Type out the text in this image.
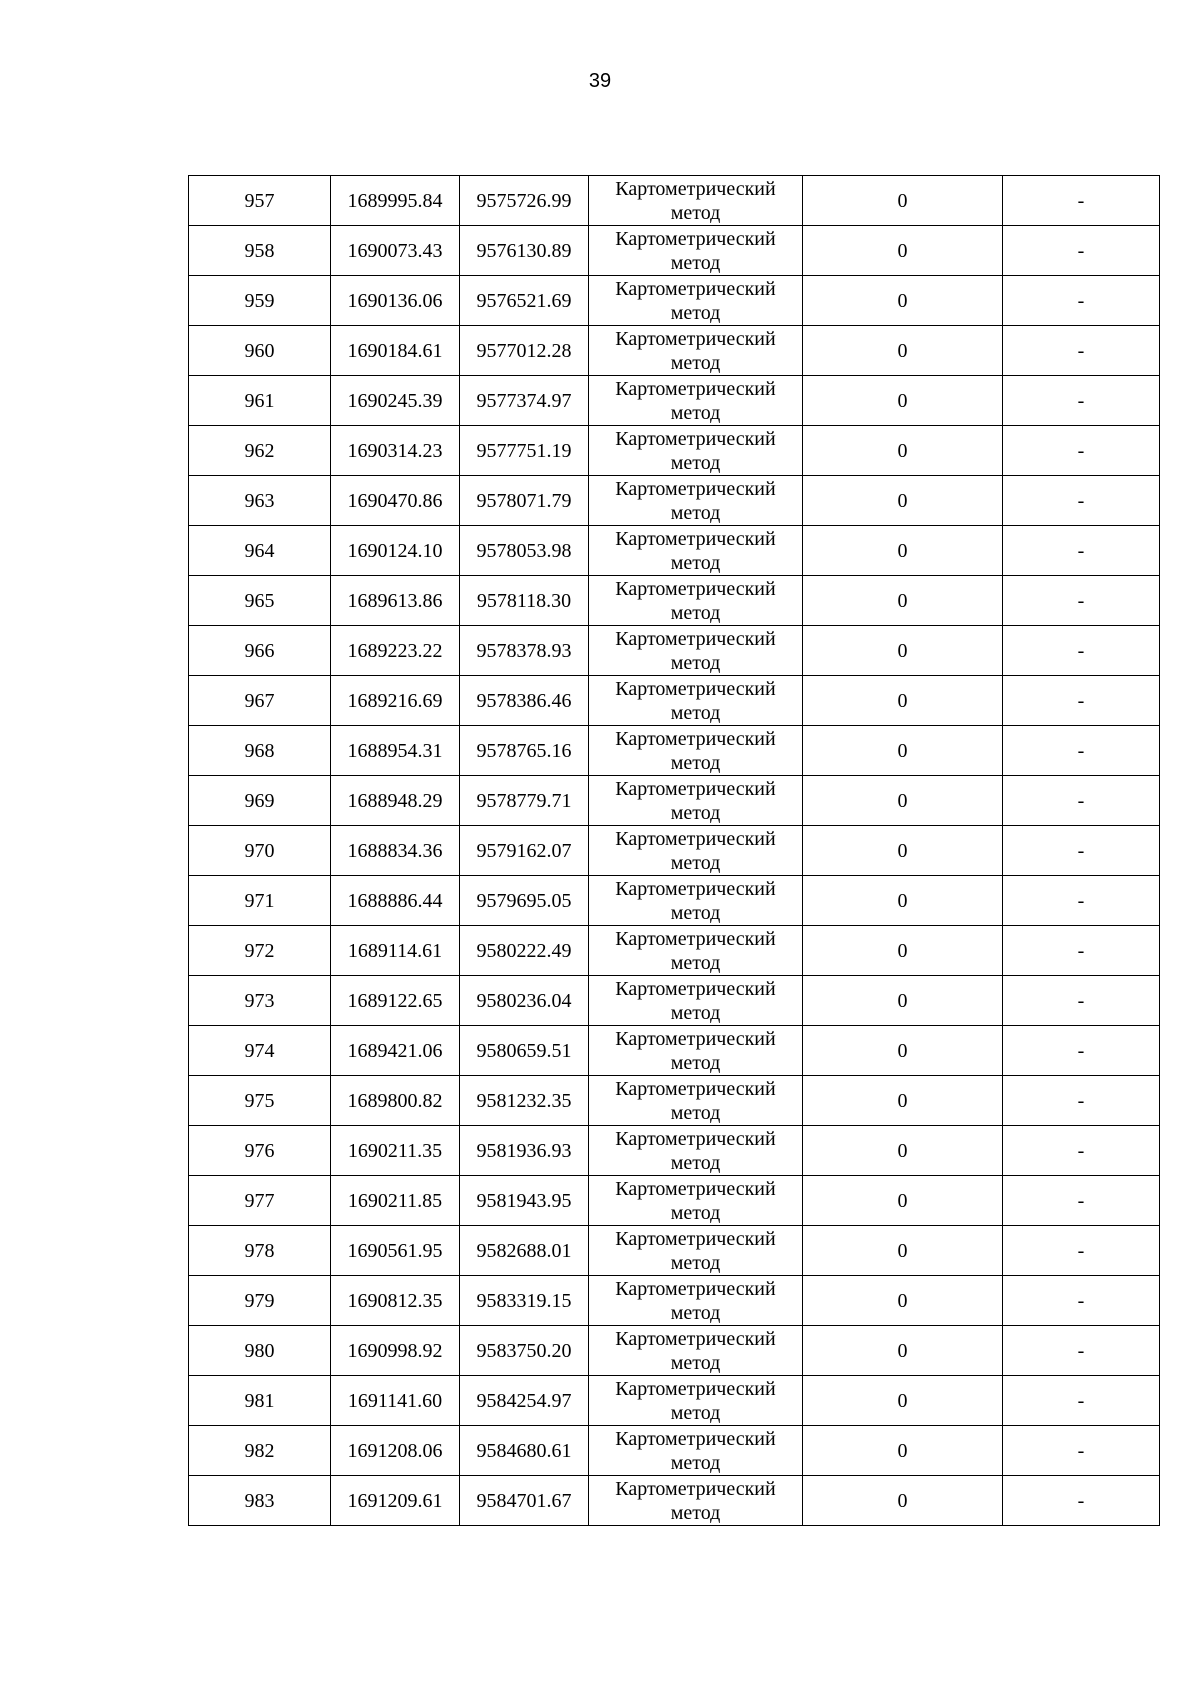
39
957	1689995.84	9575726.99	Картометрический метод	0	-
958	1690073.43	9576130.89	Картометрический метод	0	-
959	1690136.06	9576521.69	Картометрический метод	0	-
960	1690184.61	9577012.28	Картометрический метод	0	-
961	1690245.39	9577374.97	Картометрический метод	0	-
962	1690314.23	9577751.19	Картометрический метод	0	-
963	1690470.86	9578071.79	Картометрический метод	0	-
964	1690124.10	9578053.98	Картометрический метод	0	-
965	1689613.86	9578118.30	Картометрический метод	0	-
966	1689223.22	9578378.93	Картометрический метод	0	-
967	1689216.69	9578386.46	Картометрический метод	0	-
968	1688954.31	9578765.16	Картометрический метод	0	-
969	1688948.29	9578779.71	Картометрический метод	0	-
970	1688834.36	9579162.07	Картометрический метод	0	-
971	1688886.44	9579695.05	Картометрический метод	0	-
972	1689114.61	9580222.49	Картометрический метод	0	-
973	1689122.65	9580236.04	Картометрический метод	0	-
974	1689421.06	9580659.51	Картометрический метод	0	-
975	1689800.82	9581232.35	Картометрический метод	0	-
976	1690211.35	9581936.93	Картометрический метод	0	-
977	1690211.85	9581943.95	Картометрический метод	0	-
978	1690561.95	9582688.01	Картометрический метод	0	-
979	1690812.35	9583319.15	Картометрический метод	0	-
980	1690998.92	9583750.20	Картометрический метод	0	-
981	1691141.60	9584254.97	Картометрический метод	0	-
982	1691208.06	9584680.61	Картометрический метод	0	-
983	1691209.61	9584701.67	Картометрический метод	0	-
